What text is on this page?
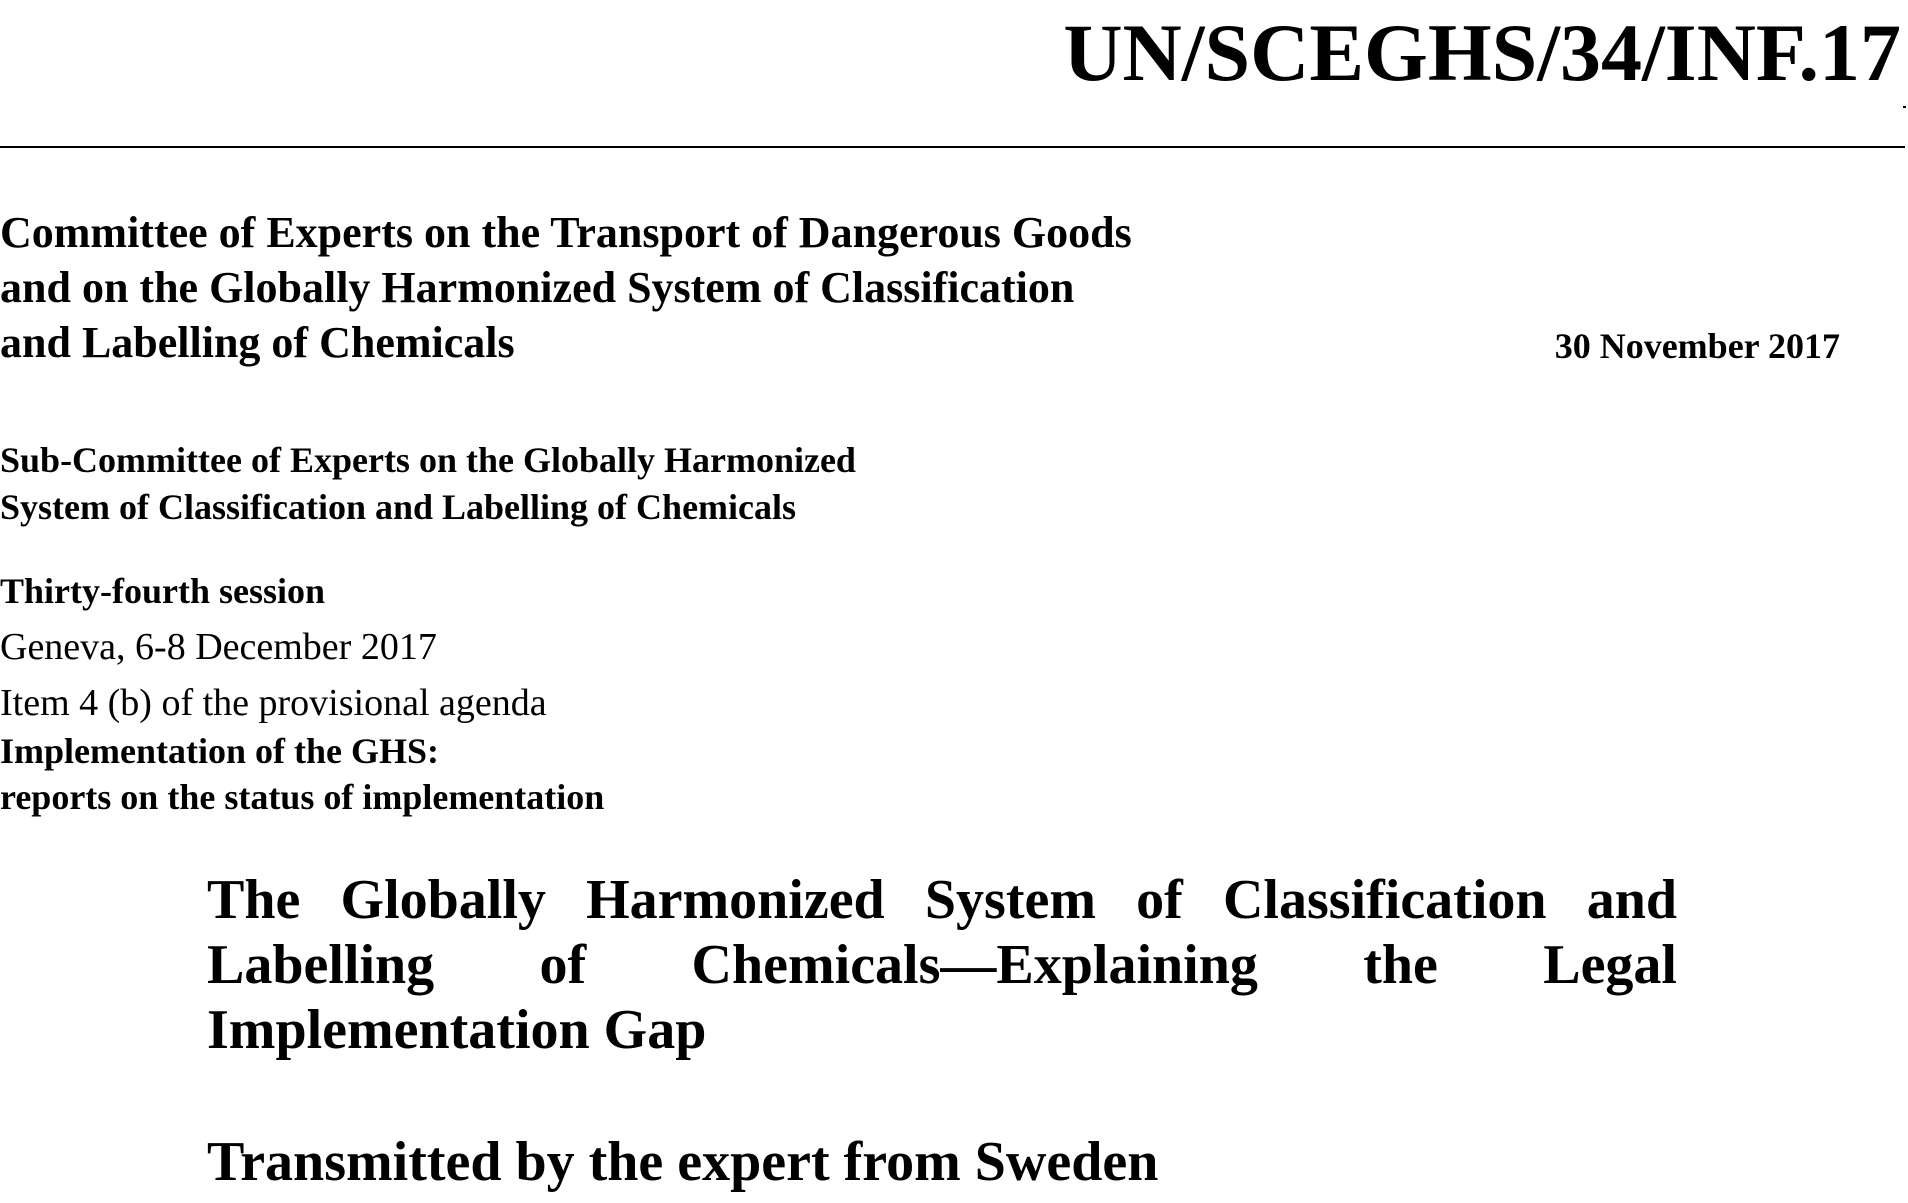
UN/SCEGHS/34/INF.17
Committee of Experts on the Transport of Dangerous Goods
and on the Globally Harmonized System of Classification
and Labelling of Chemicals	30 November 2017
Sub-Committee of Experts on the Globally Harmonized
System of Classification and Labelling of Chemicals
Thirty-fourth session
Geneva, 6-8 December 2017
Item 4 (b) of the provisional agenda
Implementation of the GHS:
reports on the status of implementation
The Globally Harmonized System of Classification and Labelling of Chemicals—Explaining the Legal Implementation Gap
Transmitted by the expert from Sweden
